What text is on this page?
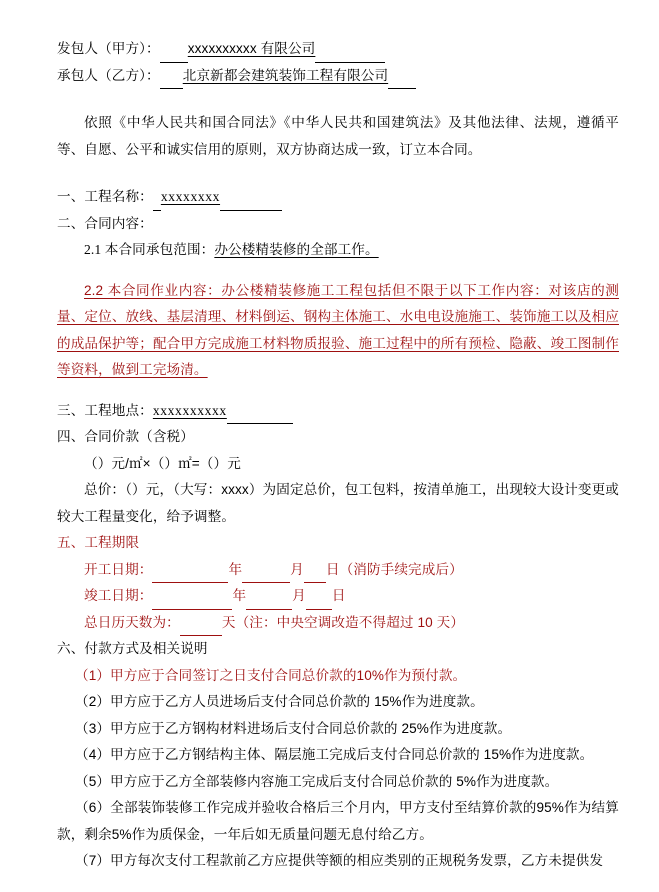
发包人（甲方）： xxxxxxxxxx 有限公司
承包人（乙方）： 北京新都会建筑装饰工程有限公司
依照《中华人民共和国合同法》《中华人民共和国建筑法》及其他法律、法规，遵循平等、自愿、公平和诚实信用的原则，双方协商达成一致，订立本合同。
一、工程名称： xxxxxxxx
二、合同内容：
2.1 本合同承包范围：办公楼精装修的全部工作。
2.2 本合同作业内容：办公楼精装修施工工程包括但不限于以下工作内容：对该店的测量、定位、放线、基层清理、材料倒运、钢构主体施工、水电电设施施工、装饰施工以及相应的成品保护等；配合甲方完成施工材料物质报验、施工过程中的所有预检、隐蔽、竣工图制作等资料，做到工完场清。
三、工程地点：xxxxxxxxxx
四、合同价款（含税）
（）元/㎡×（）㎡=（）元
总价：（）元，（大写：xxxx）为固定总价，包工包料，按清单施工，出现较大设计变更或较大工程量变化，给予调整。
五、工程期限
开工日期：	年	月 日（消防手续完成后）
竣工日期：	年	月 日
总日历天数为：	天（注：中央空调改造不得超过 10 天）
六、付款方式及相关说明
（1）甲方应于合同签订之日支付合同总价款的10%作为预付款。
（2）甲方应于乙方人员进场后支付合同总价款的 15%作为进度款。
（3）甲方应于乙方钢构材料进场后支付合同总价款的 25%作为进度款。
（4）甲方应于乙方钢结构主体、隔层施工完成后支付合同总价款的 15%作为进度款。
（5）甲方应于乙方全部装修内容施工完成后支付合同总价款的 5%作为进度款。
（6）全部装饰装修工作完成并验收合格后三个月内，甲方支付至结算价款的95%作为结算款，剩余5%作为质保金，一年后如无质量问题无息付给乙方。
（7）甲方每次支付工程款前乙方应提供等额的相应类别的正规税务发票，乙方未提供发
